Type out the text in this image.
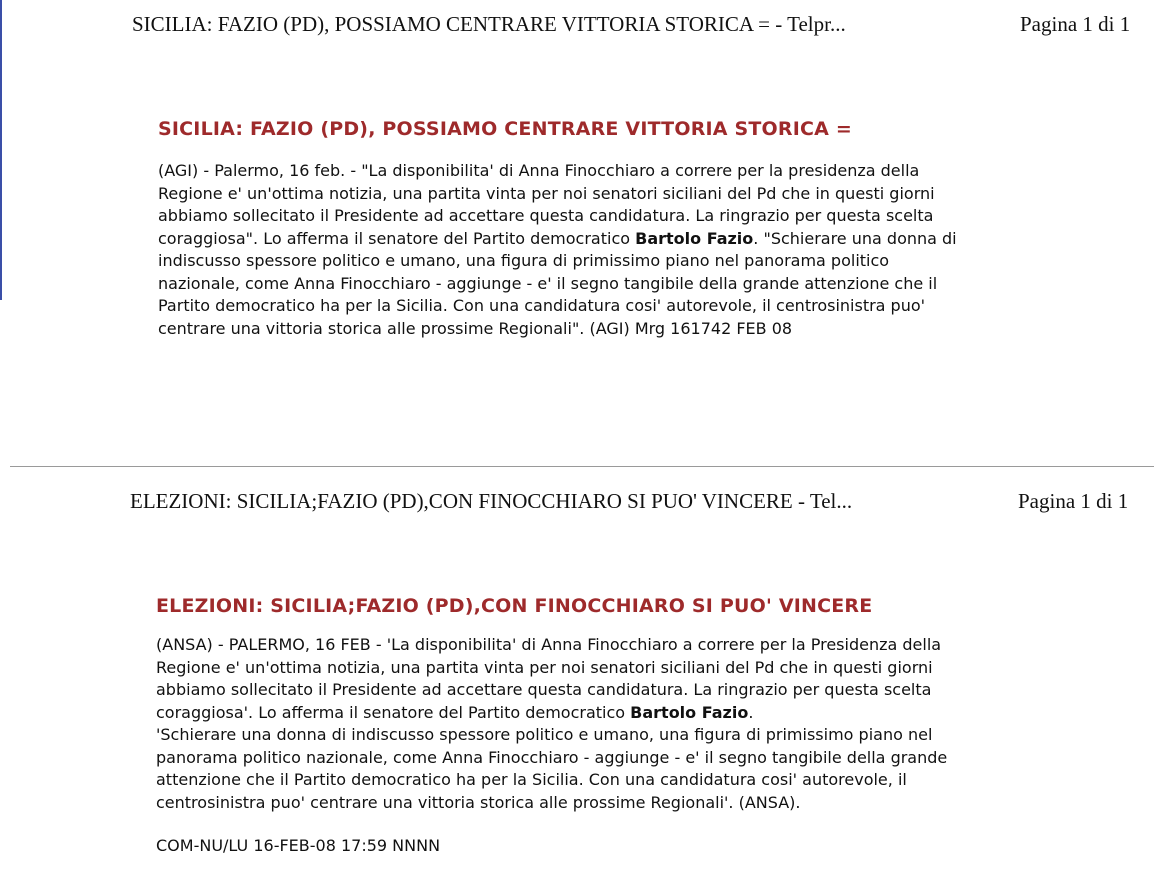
SICILIA: FAZIO (PD), POSSIAMO CENTRARE VITTORIA STORICA = - Telpr...	Pagina 1 di 1
SICILIA: FAZIO (PD), POSSIAMO CENTRARE VITTORIA STORICA =
(AGI) - Palermo, 16 feb. - "La disponibilita' di Anna Finocchiaro a correre per la presidenza della
Regione e' un'ottima notizia, una partita vinta per noi senatori siciliani del Pd che in questi giorni
abbiamo sollecitato il Presidente ad accettare questa candidatura. La ringrazio per questa scelta
coraggiosa". Lo afferma il senatore del Partito democratico Bartolo Fazio. "Schierare una donna di
indiscusso spessore politico e umano, una figura di primissimo piano nel panorama politico
nazionale, come Anna Finocchiaro - aggiunge - e' il segno tangibile della grande attenzione che il
Partito democratico ha per la Sicilia. Con una candidatura cosi' autorevole, il centrosinistra puo'
centrare una vittoria storica alle prossime Regionali". (AGI) Mrg 161742 FEB 08
ELEZIONI: SICILIA;FAZIO (PD),CON FINOCCHIARO SI PUO' VINCERE - Tel...	Pagina 1 di 1
ELEZIONI: SICILIA;FAZIO (PD),CON FINOCCHIARO SI PUO' VINCERE
(ANSA) - PALERMO, 16 FEB - 'La disponibilita' di Anna Finocchiaro a correre per la Presidenza della
Regione e' un'ottima notizia, una partita vinta per noi senatori siciliani del Pd che in questi giorni
abbiamo sollecitato il Presidente ad accettare questa candidatura. La ringrazio per questa scelta
coraggiosa'. Lo afferma il senatore del Partito democratico Bartolo Fazio.
'Schierare una donna di indiscusso spessore politico e umano, una figura di primissimo piano nel
panorama politico nazionale, come Anna Finocchiaro - aggiunge - e' il segno tangibile della grande
attenzione che il Partito democratico ha per la Sicilia. Con una candidatura cosi' autorevole, il
centrosinistra puo' centrare una vittoria storica alle prossime Regionali'. (ANSA).
COM-NU/LU 16-FEB-08 17:59 NNNN
